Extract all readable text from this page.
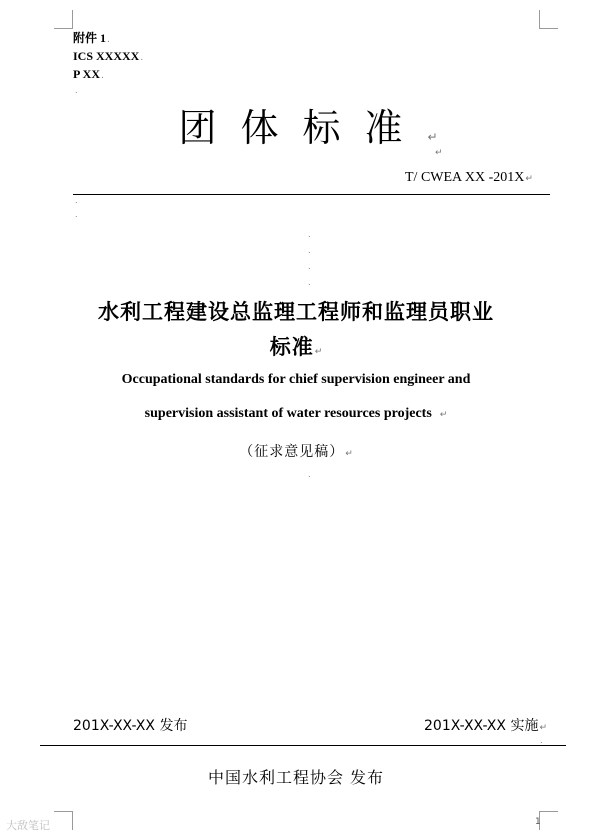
附件 1.
ICS XXXXX.
P XX.
.
团体标准↵
↵
T/ CWEA XX -201X↵
.
.
.
.
.
.
水利工程建设总监理工程师和监理员职业
标准↵
Occupational standards for chief supervision engineer and
supervision assistant of water resources projects ↵
（征求意见稿）↵
.
201X-XX-XX 发布	201X-XX-XX 实施↵
.
中国水利工程协会 发布
大敌笔记	1
